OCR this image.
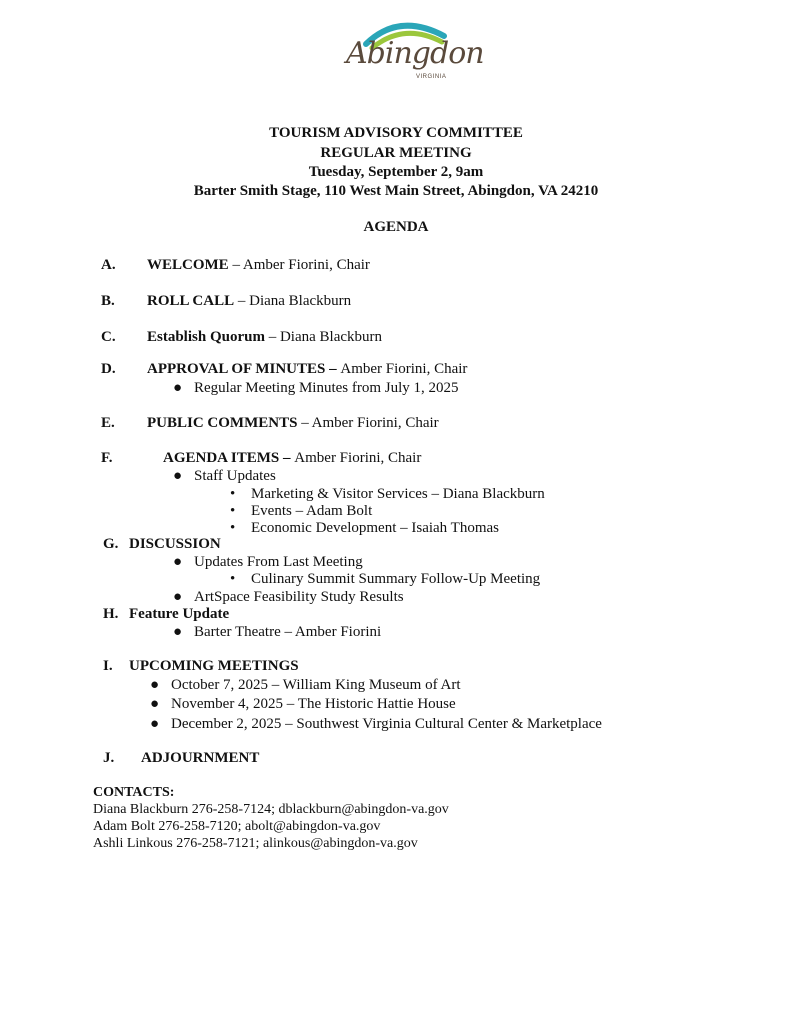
Abingdon
VIRGINIA
TOURISM ADVISORY COMMITTEE
REGULAR MEETING
Tuesday, September 2, 9am
Barter Smith Stage, 110 West Main Street, Abingdon, VA 24210
AGENDA
A. WELCOME – Amber Fiorini, Chair
B. ROLL CALL – Diana Blackburn
C. Establish Quorum – Diana Blackburn
D. APPROVAL OF MINUTES – Amber Fiorini, Chair
● Regular Meeting Minutes from July 1, 2025
E. PUBLIC COMMENTS – Amber Fiorini, Chair
F.	AGENDA ITEMS – Amber Fiorini, Chair
● Staff Updates
• Marketing & Visitor Services – Diana Blackburn
• Events – Adam Bolt
• Economic Development – Isaiah Thomas
G. DISCUSSION
● Updates From Last Meeting
• Culinary Summit Summary Follow-Up Meeting
● ArtSpace Feasibility Study Results
H. Feature Update
● Barter Theatre – Amber Fiorini
I. UPCOMING MEETINGS
● October 7, 2025 – William King Museum of Art
● November 4, 2025 – The Historic Hattie House
● December 2, 2025 – Southwest Virginia Cultural Center & Marketplace
J. ADJOURNMENT
CONTACTS:
Diana Blackburn 276-258-7124; dblackburn@abingdon-va.gov
Adam Bolt 276-258-7120; abolt@abingdon-va.gov
Ashli Linkous 276-258-7121; alinkous@abingdon-va.gov
